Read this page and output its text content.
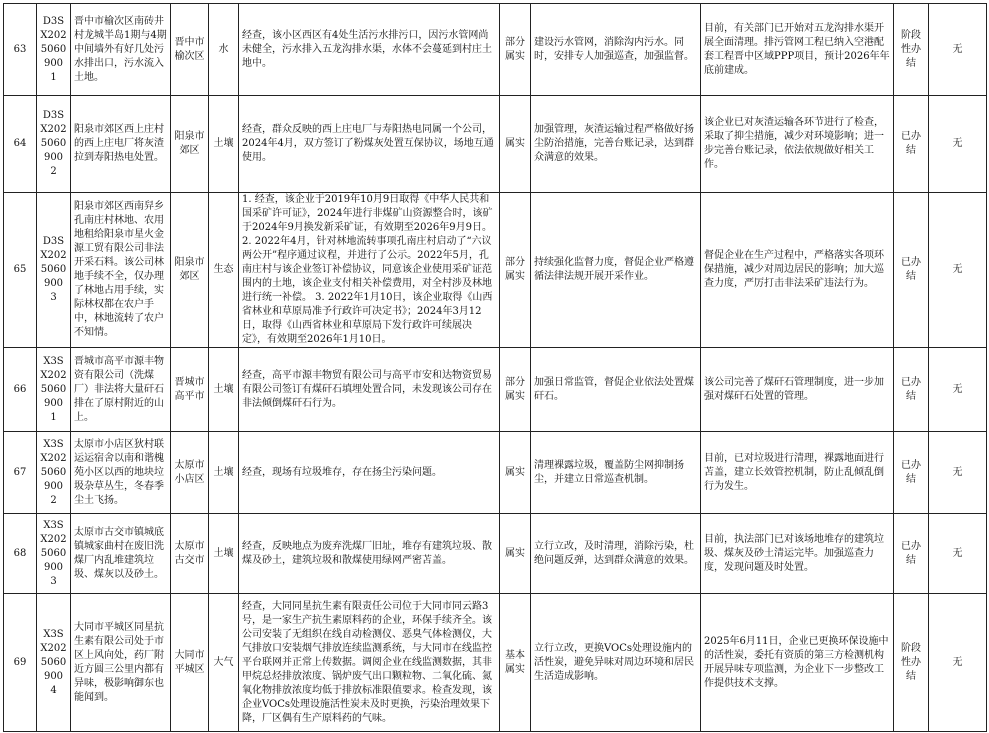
63	D3SX2025060900 1	晋中市榆次区南砖井村龙城半岛1期与4期中间墙外有好几处污水排出口，污水流入土地。	晋中市榆次区	水	经查，该小区西区有4处生活污水排污口，因污水管网尚未健全，污水排入五龙沟排水渠，水体不会蔓延到村庄土地中。	部分属实	建设污水管网，消除沟内污水。同时，安排专人加强巡查，加强监督。	目前，有关部门已开始对五龙沟排水渠开展全面清理。排污管网工程已纳入空港配套工程晋中区域PPP项目，预计2026年年底前建成。	阶段性办结	无
64	D3SX2025060900 2	阳泉市郊区西上庄村的西上庄电厂将灰渣拉到寿阳热电处置。	阳泉市郊区	土壤	经查，群众反映的西上庄电厂与寿阳热电同属一个公司，2024年4月，双方签订了粉煤灰处置互保协议，场地互通使用。	属实	加强管理，灰渣运输过程严格做好扬尘防治措施，完善台账记录，达到群众满意的效果。	该企业已对灰渣运输各环节进行了检查，采取了抑尘措施，减少对环境影响；进一步完善台账记录，依法依规做好相关工作。	已办结	无
65	D3SX2025060900 3	阳泉市郊区西南舁乡孔南庄村林地、农用地租给阳泉市星火金源工贸有限公司非法开采石料。该公司林地手续不全，仅办理了林地占用手续，实际林权都在农户手中，林地流转了农户不知情。	阳泉市郊区	生态	1. 经查，该企业于2019年10月9日取得《中华人民共和国采矿许可证》，2024年进行非煤矿山资源整合时，该矿于2024年9月换发新采矿证，有效期至2026年9月9日。 2. 2022年4月，针对林地流转事项孔南庄村启动了“六议两公开”程序通过议程，并进行了公示。2022年5月，孔南庄村与该企业签订补偿协议，同意该企业使用采矿证范围内的土地，该企业支付相关补偿费用，对全村涉及林地进行统一补偿。 3. 2022年1月10日，该企业取得《山西省林业和草原局准予行政许可决定书》；2024年3月12日，取得《山西省林业和草原局下发行政许可续展决定》，有效期至2026年1月10日。	部分属实	持续强化监督力度，督促企业严格遵循法律法规开展开采作业。	督促企业在生产过程中，严格落实各项环保措施，减少对周边居民的影响；加大巡查力度，严厉打击非法采矿违法行为。	已办结	无
66	X3SX2025060900 1	晋城市高平市源丰物资有限公司（洗煤厂）非法将大量矸石排在了原村附近的山上。	晋城市高平市	土壤	经查，高平市源丰物贸有限公司与高平市安和达物资贸易有限公司签订有煤矸石填埋处置合同，未发现该公司存在非法倾倒煤矸石行为。	部分属实	加强日常监管，督促企业依法处置煤矸石。	该公司完善了煤矸石管理制度，进一步加强对煤矸石处置的管理。	已办结	无
67	X3SX2025060900 2	太原市小店区狄村联运运宿舍以南和谐槐苑小区以西的地块垃圾杂草丛生，冬春季尘土飞扬。	太原市小店区	土壤	经查，现场有垃圾堆存，存在扬尘污染问题。	属实	清理裸露垃圾，覆盖防尘网抑制扬尘，并建立日常巡查机制。	目前，已对垃圾进行清理，裸露地面进行苫盖，建立长效管控机制，防止乱倾乱倒行为发生。	已办结	无
68	X3SX2025060900 3	太原市古交市镇城底镇城家曲村在废旧洗煤厂内乱堆建筑垃圾、煤灰以及砂土。	太原市古交市	土壤	经查，反映地点为废弃洗煤厂旧址，堆存有建筑垃圾、散煤及砂土，建筑垃圾和散煤使用绿网严密苫盖。	属实	立行立改，及时清理，消除污染，杜绝问题反弹，达到群众满意的效果。	目前，执法部门已对该场地堆存的建筑垃圾、煤灰及砂土清运完毕。加强巡查力度，发现问题及时处置。	已办结	无
69	X3SX2025060900 4	大同市平城区同星抗生素有限公司处于市区上风向处，药厂附近方圆三公里内都有异味，极影响御东也能闻到。	大同市平城区	大气	经查，大同同星抗生素有限责任公司位于大同市同云路3号，是一家生产抗生素原料药的企业，环保手续齐全。该公司安装了无组织在线自动检测仪、恶臭气体检测仪，大气排放口安装烟气排放连续监测系统，与大同市在线监控平台联网并正常上传数据。调阅企业在线监测数据，其非甲烷总烃排放浓度、锅炉废气出口颗粒物、二氧化硫、氮氧化物排放浓度均低于排放标准限值要求。检查发现，该企业VOCs处理设施活性炭未及时更换，污染治理效果下降，厂区偶有生产原料药的气味。	基本属实	立行立改，更换VOCs处理设施内的活性炭，避免异味对周边环境和居民生活造成影响。	2025年6月11日，企业已更换环保设施中的活性炭，委托有资质的第三方检测机构开展异味专项监测，为企业下一步整改工作提供技术支撑。	阶段性办结	无
